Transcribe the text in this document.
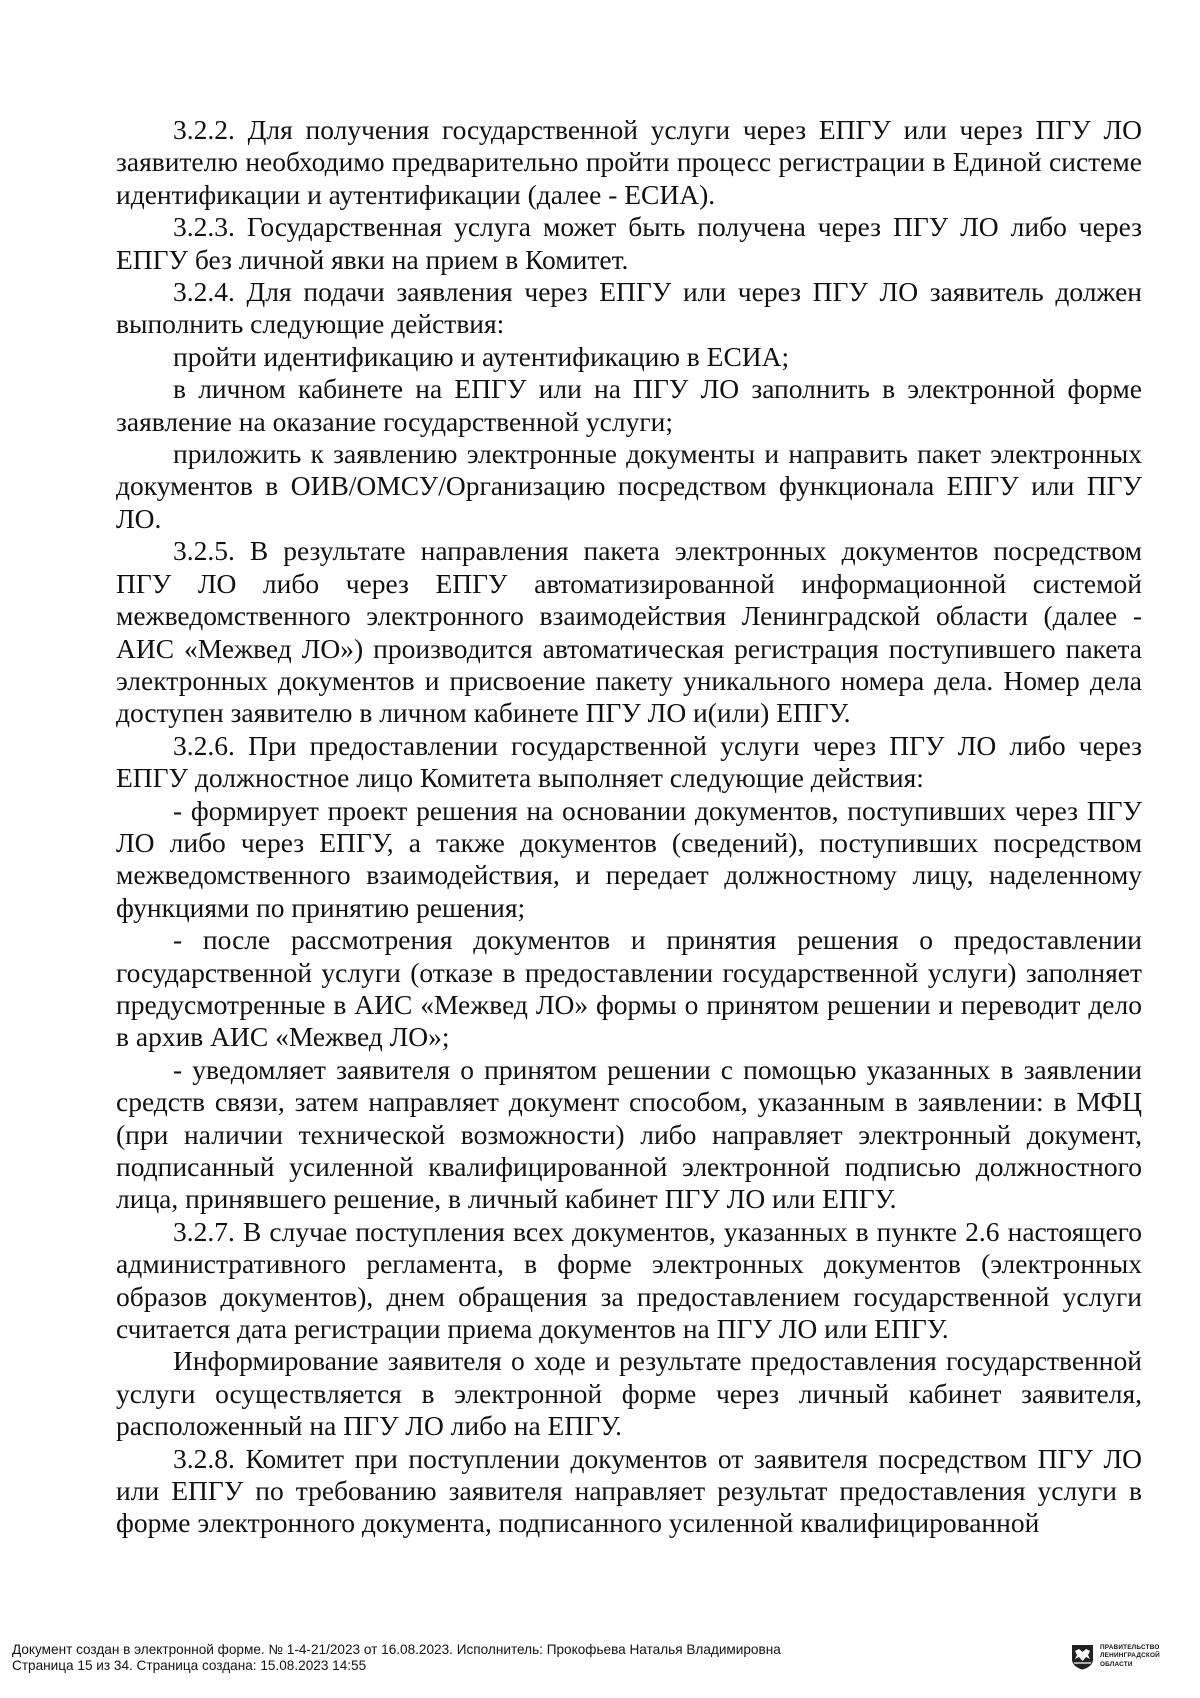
3.2.2. Для получения государственной услуги через ЕПГУ или через ПГУ ЛО заявителю необходимо предварительно пройти процесс регистрации в Единой системе идентификации и аутентификации (далее - ЕСИА).

3.2.3. Государственная услуга может быть получена через ПГУ ЛО либо через ЕПГУ без личной явки на прием в Комитет.

3.2.4. Для подачи заявления через ЕПГУ или через ПГУ ЛО заявитель должен выполнить следующие действия:

пройти идентификацию и аутентификацию в ЕСИА;

в личном кабинете на ЕПГУ или на ПГУ ЛО заполнить в электронной форме заявление на оказание государственной услуги;

приложить к заявлению электронные документы и направить пакет электронных документов в ОИВ/ОМСУ/Организацию посредством функционала ЕПГУ или ПГУ ЛО.

3.2.5. В результате направления пакета электронных документов посредством ПГУ ЛО либо через ЕПГУ автоматизированной информационной системой межведомственного электронного взаимодействия Ленинградской области (далее - АИС «Межвед ЛО») производится автоматическая регистрация поступившего пакета электронных документов и присвоение пакету уникального номера дела. Номер дела доступен заявителю в личном кабинете ПГУ ЛО и(или) ЕПГУ.

3.2.6. При предоставлении государственной услуги через ПГУ ЛО либо через ЕПГУ должностное лицо Комитета выполняет следующие действия:

- формирует проект решения на основании документов, поступивших через ПГУ ЛО либо через ЕПГУ, а также документов (сведений), поступивших посредством межведомственного взаимодействия, и передает должностному лицу, наделенному функциями по принятию решения;

- после рассмотрения документов и принятия решения о предоставлении государственной услуги (отказе в предоставлении государственной услуги) заполняет предусмотренные в АИС «Межвед ЛО» формы о принятом решении и переводит дело в архив АИС «Межвед ЛО»;

- уведомляет заявителя о принятом решении с помощью указанных в заявлении средств связи, затем направляет документ способом, указанным в заявлении: в МФЦ (при наличии технической возможности) либо направляет электронный документ, подписанный усиленной квалифицированной электронной подписью должностного лица, принявшего решение, в личный кабинет ПГУ ЛО или ЕПГУ.

3.2.7. В случае поступления всех документов, указанных в пункте 2.6 настоящего административного регламента, в форме электронных документов (электронных образов документов), днем обращения за предоставлением государственной услуги считается дата регистрации приема документов на ПГУ ЛО или ЕПГУ.

Информирование заявителя о ходе и результате предоставления государственной услуги осуществляется в электронной форме через личный кабинет заявителя, расположенный на ПГУ ЛО либо на ЕПГУ.

3.2.8. Комитет при поступлении документов от заявителя посредством ПГУ ЛО или ЕПГУ по требованию заявителя направляет результат предоставления услуги в форме электронного документа, подписанного усиленной квалифицированной

Документ создан в электронной форме. № 1-4-21/2023 от 16.08.2023. Исполнитель: Прокофьева Наталья Владимировна
Страница 15 из 34. Страница создана: 15.08.2023 14:55
ПРАВИТЕЛЬСТВО
ЛЕНИНГРАДСКОЙ
ОБЛАСТИ
